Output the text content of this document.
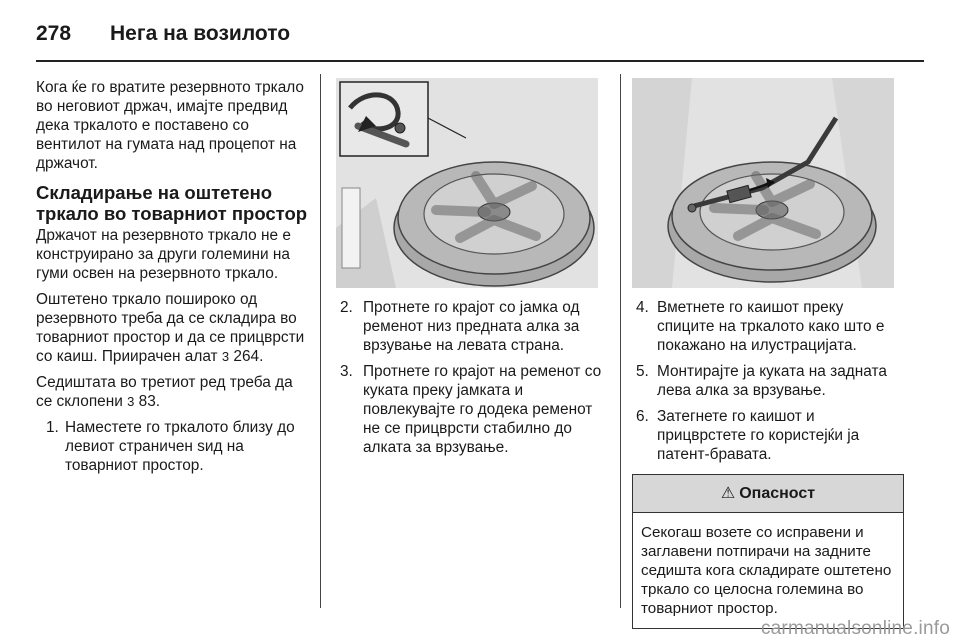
278	Нега на возилото

Кога ќе го вратите резервното тркало во неговиот држач, имајте предвид дека тркалото е поставено со вентилот на гумата над процепот на држачот.

Складирање на оштетено тркало во товарниот простор

Држачот на резервното тркало не е конструирано за други големини на гуми освен на резервното тркало.

Оштетено тркало пошироко од резервното треба да се складира во товарниот простор и да се прицврсти со каиш. Приирачен алат 3 264.

Седиштата во третиот ред треба да се склопени 3 83.

1. Наместете го тркалото близу до левиот страничен ѕид на товарниот простор.
2. Протнете го крајот со јамка од ременот низ предната алка за врзување на левата страна.
3. Протнете го крајот на ременот со куката преку јамката и повлекувајте го додека ременот не се прицврсти стабилно до алката за врзување.
4. Вметнете го каишот преку спиците на тркалото како што е покажано на илустрацијата.
5. Монтирајте ја куката на задната лева алка за врзување.
6. Затегнете го каишот и прицврстете го користејќи ја патент-бравата.
⚠ Опасност
Секогаш возете со исправени и заглавени потпирачи на задните седишта кога складирате оштетено тркало со целосна големина во товарниот простор.
carmanualsonline.info
